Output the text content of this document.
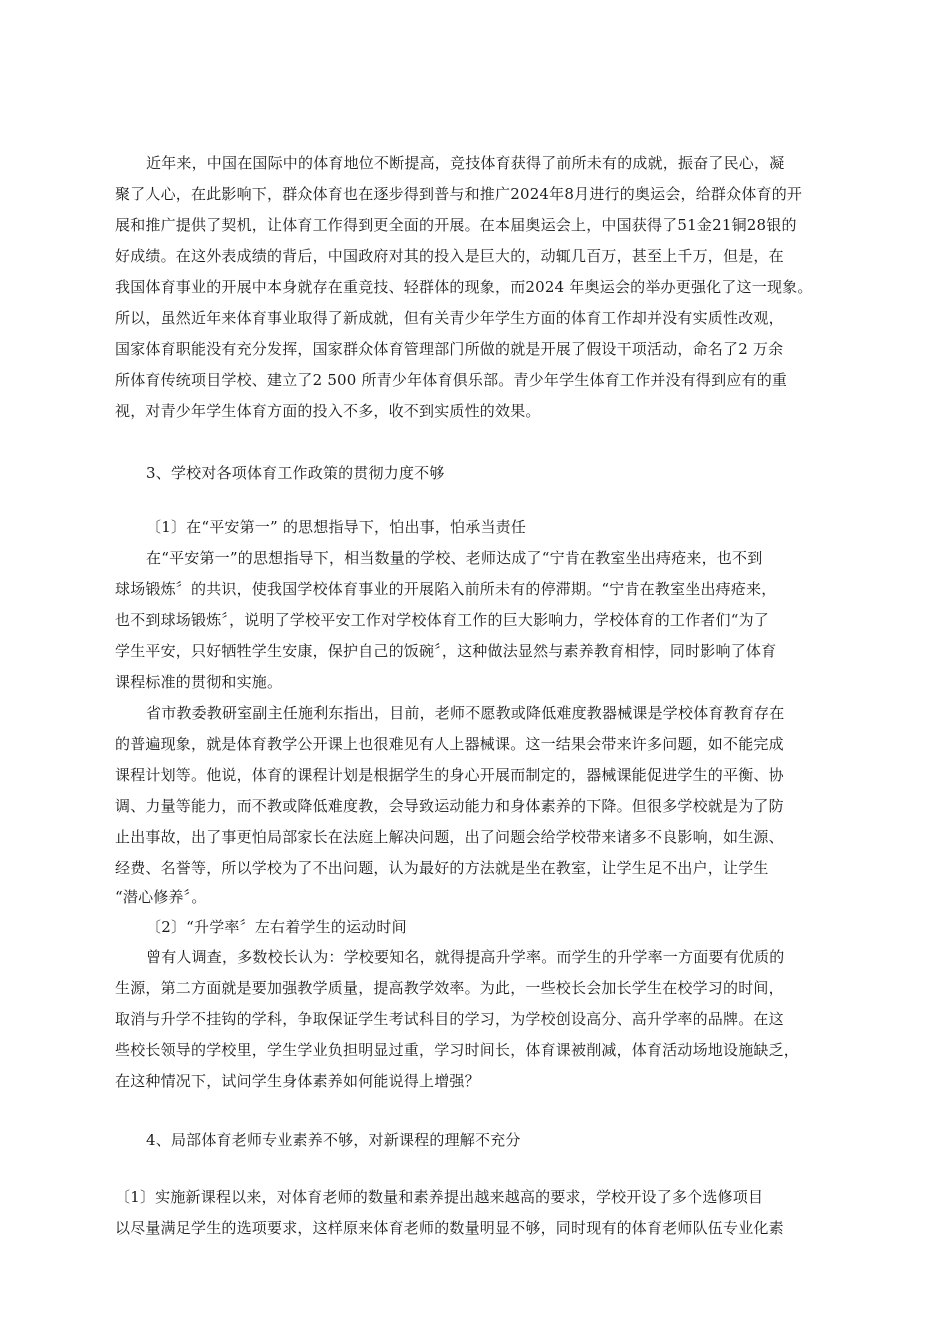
近年来，中国在国际中的体育地位不断提高，竞技体育获得了前所未有的成就，振奋了民心，凝
聚了人心，在此影响下，群众体育也在逐步得到普与和推广2024年8月进行的奥运会，给群众体育的开
展和推广提供了契机，让体育工作得到更全面的开展。在本届奥运会上，中国获得了51金21铜28银的
好成绩。在这外表成绩的背后，中国政府对其的投入是巨大的，动辄几百万，甚至上千万，但是，在
我国体育事业的开展中本身就存在重竞技、轻群体的现象，而2024 年奥运会的举办更强化了这一现象。
所以，虽然近年来体育事业取得了新成就，但有关青少年学生方面的体育工作却并没有实质性改观，
国家体育职能没有充分发挥，国家群众体育管理部门所做的就是开展了假设干项活动，命名了2 万余
所体育传统项目学校、建立了2 500 所青少年体育俱乐部。青少年学生体育工作并没有得到应有的重
视，对青少年学生体育方面的投入不多，收不到实质性的效果。
3、学校对各项体育工作政策的贯彻力度不够
〔1〕在“平安第一” 的思想指导下，怕出事，怕承当责任
在“平安第一”的思想指导下，相当数量的学校、老师达成了“宁肯在教室坐出痔疮来，也不到
球场锻炼〞的共识，使我国学校体育事业的开展陷入前所未有的停滞期。“宁肯在教室坐出痔疮来，
也不到球场锻炼〞，说明了学校平安工作对学校体育工作的巨大影响力，学校体育的工作者们“为了
学生平安，只好牺牲学生安康，保护自己的饭碗〞，这种做法显然与素养教育相悖，同时影响了体育
课程标准的贯彻和实施。
省市教委教研室副主任施利东指出，目前，老师不愿教或降低难度教器械课是学校体育教育存在
的普遍现象，就是体育教学公开课上也很难见有人上器械课。这一结果会带来许多问题，如不能完成
课程计划等。他说，体育的课程计划是根据学生的身心开展而制定的，器械课能促进学生的平衡、协
调、力量等能力，而不教或降低难度教，会导致运动能力和身体素养的下降。但很多学校就是为了防
止出事故，出了事更怕局部家长在法庭上解决问题，出了问题会给学校带来诸多不良影响，如生源、
经费、名誉等，所以学校为了不出问题，认为最好的方法就是坐在教室，让学生足不出户，让学生
“潜心修养〞。
〔2〕“升学率〞左右着学生的运动时间
曾有人调查，多数校长认为：学校要知名，就得提高升学率。而学生的升学率一方面要有优质的
生源，第二方面就是要加强教学质量，提高教学效率。为此，一些校长会加长学生在校学习的时间，
取消与升学不挂钩的学科，争取保证学生考试科目的学习，为学校创设高分、高升学率的品牌。在这
些校长领导的学校里，学生学业负担明显过重，学习时间长，体育课被削减，体育活动场地设施缺乏，
在这种情况下，试问学生身体素养如何能说得上增强？
4、局部体育老师专业素养不够，对新课程的理解不充分
〔1〕实施新课程以来，对体育老师的数量和素养提出越来越高的要求，学校开设了多个选修项目
以尽量满足学生的选项要求，这样原来体育老师的数量明显不够，同时现有的体育老师队伍专业化素
